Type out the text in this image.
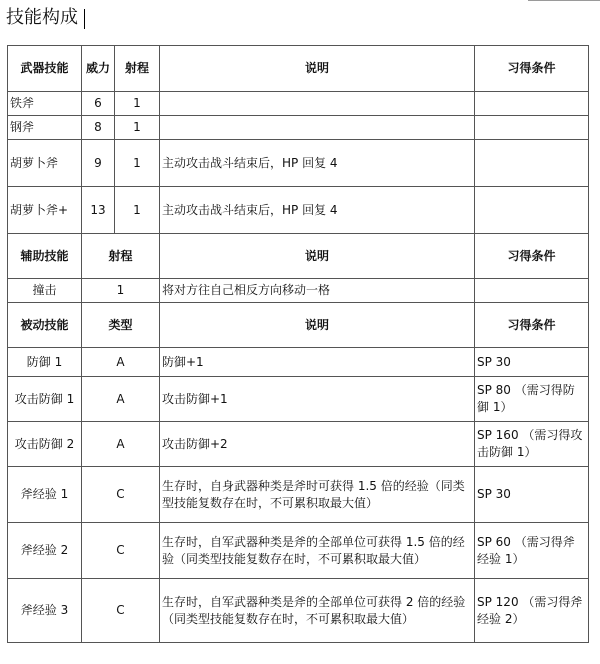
技能构成
武器技能	威力	射程	说明	习得条件
铁斧	6	1		
钢斧	8	1		
胡萝卜斧	9	1	主动攻击战斗结束后，HP 回复 4	
胡萝卜斧+	13	1	主动攻击战斗结束后，HP 回复 4	
辅助技能	射程		说明	习得条件
撞击	1		将对方往自己相反方向移动一格	
被动技能	类型		说明	习得条件
防御 1	A		防御+1	SP 30
攻击防御 1	A		攻击防御+1	SP 80 （需习得防御 1）
攻击防御 2	A		攻击防御+2	SP 160 （需习得攻击防御 1）
斧经验 1	C		生存时，自身武器种类是斧时可获得 1.5 倍的经验（同类型技能复数存在时，不可累积取最大值）	SP 30
斧经验 2	C		生存时，自军武器种类是斧的全部单位可获得 1.5 倍的经验（同类型技能复数存在时，不可累积取最大值）	SP 60 （需习得斧经验 1）
斧经验 3	C		生存时，自军武器种类是斧的全部单位可获得 2 倍的经验（同类型技能复数存在时，不可累积取最大值）	SP 120 （需习得斧经验 2）
